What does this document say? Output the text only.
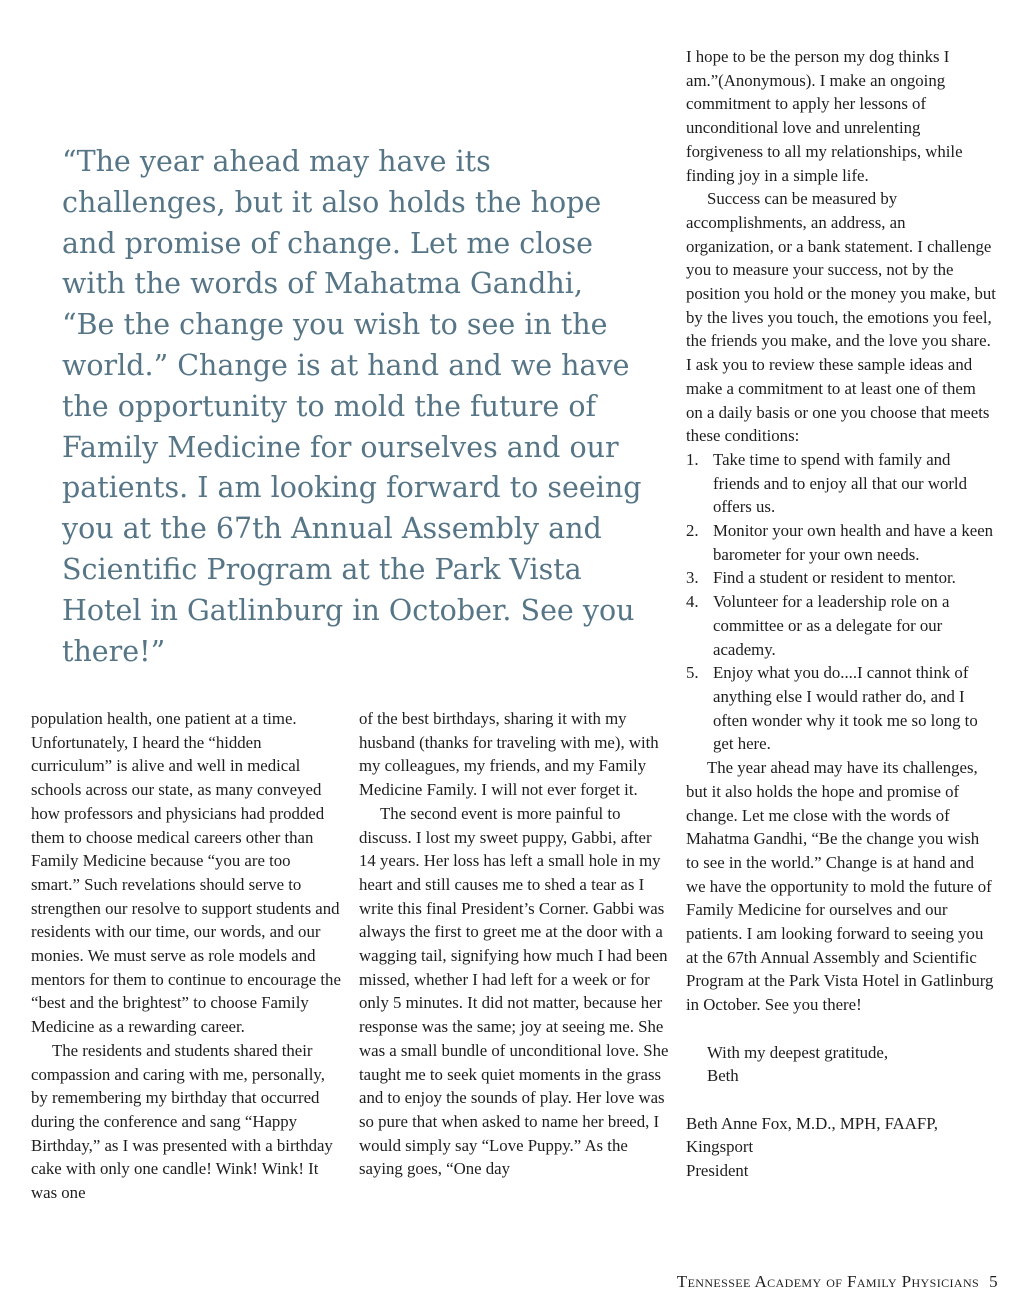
“The year ahead may have its challenges, but it also holds the hope and promise of change. Let me close with the words of Mahatma Gandhi, “Be the change you wish to see in the world.” Change is at hand and we have the opportunity to mold the future of Family Medicine for ourselves and our patients. I am looking forward to seeing you at the 67th Annual Assembly and Scientific Program at the Park Vista Hotel in Gatlinburg in October. See you there!”

population health, one patient at a time. Unfortunately, I heard the “hidden curriculum” is alive and well in medical schools across our state, as many conveyed how professors and physicians had prodded them to choose medical careers other than Family Medicine because “you are too smart.” Such revelations should serve to strengthen our resolve to support students and residents with our time, our words, and our monies. We must serve as role models and mentors for them to continue to encourage the “best and the brightest” to choose Family Medicine as a rewarding career.

The residents and students shared their compassion and caring with me, personally, by remembering my birthday that occurred during the conference and sang “Happy Birthday,” as I was presented with a birthday cake with only one candle! Wink! Wink! It was one

of the best birthdays, sharing it with my husband (thanks for traveling with me), with my colleagues, my friends, and my Family Medicine Family. I will not ever forget it.

The second event is more painful to discuss. I lost my sweet puppy, Gabbi, after 14 years. Her loss has left a small hole in my heart and still causes me to shed a tear as I write this final President’s Corner. Gabbi was always the first to greet me at the door with a wagging tail, signifying how much I had been missed, whether I had left for a week or for only 5 minutes. It did not matter, because her response was the same; joy at seeing me. She was a small bundle of unconditional love. She taught me to seek quiet moments in the grass and to enjoy the sounds of play. Her love was so pure that when asked to name her breed, I would simply say “Love Puppy.” As the saying goes, “One day

I hope to be the person my dog thinks I am.”(Anonymous). I make an ongoing commitment to apply her lessons of unconditional love and unrelenting forgiveness to all my relationships, while finding joy in a simple life.

Success can be measured by accomplishments, an address, an organization, or a bank statement. I challenge you to measure your success, not by the position you hold or the money you make, but by the lives you touch, the emotions you feel, the friends you make, and the love you share. I ask you to review these sample ideas and make a commitment to at least one of them on a daily basis or one you choose that meets these conditions:

1. Take time to spend with family and friends and to enjoy all that our world offers us.
2. Monitor your own health and have a keen barometer for your own needs.
3. Find a student or resident to mentor.
4. Volunteer for a leadership role on a committee or as a delegate for our academy.
5. Enjoy what you do....I cannot think of anything else I would rather do, and I often wonder why it took me so long to get here.

The year ahead may have its challenges, but it also holds the hope and promise of change. Let me close with the words of Mahatma Gandhi, “Be the change you wish to see in the world.” Change is at hand and we have the opportunity to mold the future of Family Medicine for ourselves and our patients. I am looking forward to seeing you at the 67th Annual Assembly and Scientific Program at the Park Vista Hotel in Gatlinburg in October. See you there!

With my deepest gratitude,

Beth

Beth Anne Fox, M.D., MPH, FAAFP,

Kingsport

President

Tennessee Academy of Family Physicians 5
